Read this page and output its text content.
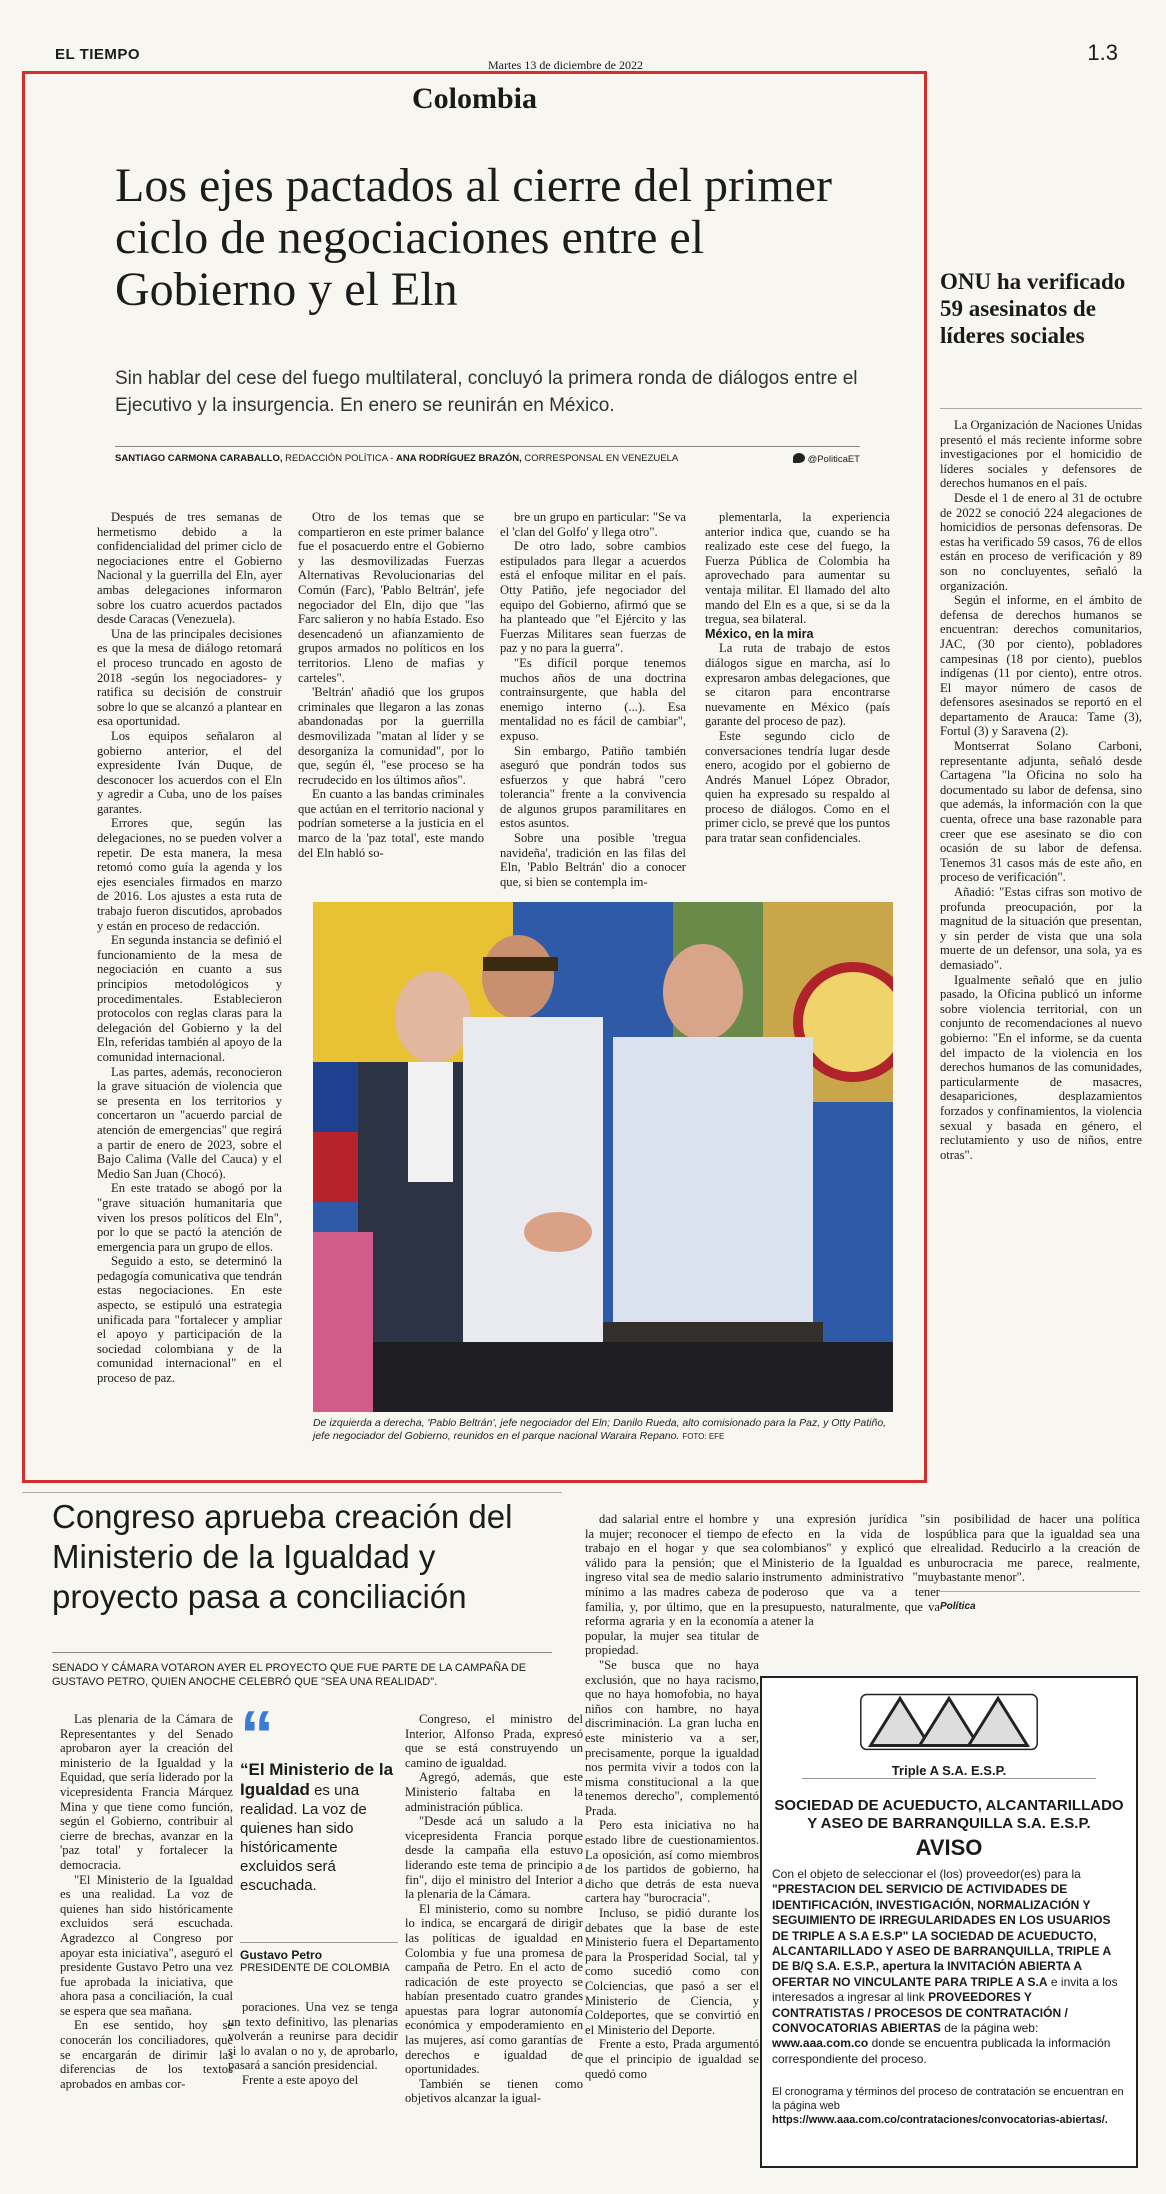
EL TIEMPO
Martes 13 de diciembre de 2022	1.3
Colombia
Los ejes pactados al cierre del primer ciclo de negociaciones entre el Gobierno y el Eln
Sin hablar del cese del fuego multilateral, concluyó la primera ronda de diálogos entre el Ejecutivo y la insurgencia. En enero se reunirán en México.
SANTIAGO CARMONA CARABALLO, REDACCIÓN POLÍTICA - ANA RODRÍGUEZ BRAZÓN, CORRESPONSAL EN VENEZUELA	@PoliticaET

Después de tres semanas de hermetismo debido a la confidencialidad del primer ciclo de negociaciones entre el Gobierno Nacional y la guerrilla del Eln, ayer ambas delegaciones informaron sobre los cuatro acuerdos pactados desde Caracas (Venezuela).

Una de las principales decisiones es que la mesa de diálogo retomará el proceso truncado en agosto de 2018 -según los negociadores- y ratifica su decisión de construir sobre lo que se alcanzó a plantear en esa oportunidad.

Los equipos señalaron al gobierno anterior, el del expresidente Iván Duque, de desconocer los acuerdos con el Eln y agredir a Cuba, uno de los países garantes.

Errores que, según las delegaciones, no se pueden volver a repetir. De esta manera, la mesa retomó como guía la agenda y los ejes esenciales firmados en marzo de 2016. Los ajustes a esta ruta de trabajo fueron discutidos, aprobados y están en proceso de redacción.

En segunda instancia se definió el funcionamiento de la mesa de negociación en cuanto a sus principios metodológicos y procedimentales. Establecieron protocolos con reglas claras para la delegación del Gobierno y la del Eln, referidas también al apoyo de la comunidad internacional.

Las partes, además, reconocieron la grave situación de violencia que se presenta en los territorios y concertaron un "acuerdo parcial de atención de emergencias" que regirá a partir de enero de 2023, sobre el Bajo Calima (Valle del Cauca) y el Medio San Juan (Chocó).

En este tratado se abogó por la "grave situación humanitaria que viven los presos políticos del Eln", por lo que se pactó la atención de emergencia para un grupo de ellos.

Seguido a esto, se determinó la pedagogía comunicativa que tendrán estas negociaciones. En este aspecto, se estipuló una estrategia unificada para "fortalecer y ampliar el apoyo y participación de la sociedad colombiana y de la comunidad internacional" en el proceso de paz.

Otro de los temas que se compartieron en este primer balance fue el posacuerdo entre el Gobierno y las desmovilizadas Fuerzas Alternativas Revolucionarias del Común (Farc), 'Pablo Beltrán', jefe negociador del Eln, dijo que "las Farc salieron y no había Estado. Eso desencadenó un afianzamiento de grupos armados no políticos en los territorios. Lleno de mafias y carteles".

'Beltrán' añadió que los grupos criminales que llegaron a las zonas abandonadas por la guerrilla desmovilizada "matan al líder y se desorganiza la comunidad", por lo que, según él, "ese proceso se ha recrudecido en los últimos años".

En cuanto a las bandas criminales que actúan en el territorio nacional y podrían someterse a la justicia en el marco de la 'paz total', este mando del Eln habló so-

bre un grupo en particular: "Se va el 'clan del Golfo' y llega otro".

De otro lado, sobre cambios estipulados para llegar a acuerdos está el enfoque militar en el país. Otty Patiño, jefe negociador del equipo del Gobierno, afirmó que se ha planteado que "el Ejército y las Fuerzas Militares sean fuerzas de paz y no para la guerra".

"Es difícil porque tenemos muchos años de una doctrina contrainsurgente, que habla del enemigo interno (...). Esa mentalidad no es fácil de cambiar", expuso.

Sin embargo, Patiño también aseguró que pondrán todos sus esfuerzos y que habrá "cero tolerancia" frente a la convivencia de algunos grupos paramilitares en estos asuntos.

Sobre una posible 'tregua navideña', tradición en las filas del Eln, 'Pablo Beltrán' dio a conocer que, si bien se contempla im-

plementarla, la experiencia anterior indica que, cuando se ha realizado este cese del fuego, la Fuerza Pública de Colombia ha aprovechado para aumentar su ventaja militar. El llamado del alto mando del Eln es a que, si se da la tregua, sea bilateral.

México, en la mira

La ruta de trabajo de estos diálogos sigue en marcha, así lo expresaron ambas delegaciones, que se citaron para encontrarse nuevamente en México (país garante del proceso de paz).

Este segundo ciclo de conversaciones tendría lugar desde enero, acogido por el gobierno de Andrés Manuel López Obrador, quien ha expresado su respaldo al proceso de diálogos. Como en el primer ciclo, se prevé que los puntos para tratar sean confidenciales.

De izquierda a derecha, 'Pablo Beltrán', jefe negociador del Eln; Danilo Rueda, alto comisionado para la Paz, y Otty Patiño, jefe negociador del Gobierno, reunidos en el parque nacional Waraira Repano. FOTO: EFE
ONU ha verificado 59 asesinatos de líderes sociales

La Organización de Naciones Unidas presentó el más reciente informe sobre investigaciones por el homicidio de líderes sociales y defensores de derechos humanos en el país.

Desde el 1 de enero al 31 de octubre de 2022 se conoció 224 alegaciones de homicidios de personas defensoras. De estas ha verificado 59 casos, 76 de ellos están en proceso de verificación y 89 son no concluyentes, señaló la organización.

Según el informe, en el ámbito de defensa de derechos humanos se encuentran: derechos comunitarios, JAC, (30 por ciento), pobladores campesinas (18 por ciento), pueblos indígenas (11 por ciento), entre otros. El mayor número de casos de defensores asesinados se reportó en el departamento de Arauca: Tame (3), Fortul (3) y Saravena (2).

Montserrat Solano Carboni, representante adjunta, señaló desde Cartagena "la Oficina no solo ha documentado su labor de defensa, sino que además, la información con la que cuenta, ofrece una base razonable para creer que ese asesinato se dio con ocasión de su labor de defensa. Tenemos 31 casos más de este año, en proceso de verificación".

Añadió: "Estas cifras son motivo de profunda preocupación, por la magnitud de la situación que presentan, y sin perder de vista que una sola muerte de un defensor, una sola, ya es demasiado".

Igualmente señaló que en julio pasado, la Oficina publicó un informe sobre violencia territorial, con un conjunto de recomendaciones al nuevo gobierno: "En el informe, se da cuenta del impacto de la violencia en los derechos humanos de las comunidades, particularmente de masacres, desapariciones, desplazamientos forzados y confinamientos, la violencia sexual y basada en género, el reclutamiento y uso de niños, entre otras".

Congreso aprueba creación del Ministerio de la Igualdad y proyecto pasa a conciliación
SENADO Y CÁMARA VOTARON AYER EL PROYECTO QUE FUE PARTE DE LA CAMPAÑA DE GUSTAVO PETRO, QUIEN ANOCHE CELEBRÓ QUE "SEA UNA REALIDAD".

Las plenaria de la Cámara de Representantes y del Senado aprobaron ayer la creación del ministerio de la Igualdad y la Equidad, que sería liderado por la vicepresidenta Francia Márquez Mina y que tiene como función, según el Gobierno, contribuir al cierre de brechas, avanzar en la 'paz total' y fortalecer la democracia.

"El Ministerio de la Igualdad es una realidad. La voz de quienes han sido históricamente excluidos será escuchada. Agradezco al Congreso por apoyar esta iniciativa", aseguró el presidente Gustavo Petro una vez fue aprobada la iniciativa, que ahora pasa a conciliación, la cual se espera que sea mañana.

En ese sentido, hoy se conocerán los conciliadores, que se encargarán de dirimir las diferencias de los textos aprobados en ambas cor-

“
“El Ministerio de la Igualdad es una realidad. La voz de quienes han sido históricamente excluidos será escuchada.
Gustavo Petro
PRESIDENTE DE COLOMBIA

poraciones. Una vez se tenga un texto definitivo, las plenarias volverán a reunirse para decidir si lo avalan o no y, de aprobarlo, pasará a sanción presidencial.

Frente a este apoyo del

Congreso, el ministro del Interior, Alfonso Prada, expresó que se está construyendo un camino de igualdad.

Agregó, además, que este Ministerio faltaba en la administración pública.

"Desde acá un saludo a la vicepresidenta Francia porque desde la campaña ella estuvo liderando este tema de principio a fin", dijo el ministro del Interior a la plenaria de la Cámara.

El ministerio, como su nombre lo indica, se encargará de dirigir las políticas de igualdad en Colombia y fue una promesa de campaña de Petro. En el acto de radicación de este proyecto se habían presentado cuatro grandes apuestas para lograr autonomía económica y empoderamiento en las mujeres, así como garantías de derechos e igualdad de oportunidades.

También se tienen como objetivos alcanzar la igual-

dad salarial entre el hombre y la mujer; reconocer el tiempo de trabajo en el hogar y que sea válido para la pensión; que el ingreso vital sea de medio salario mínimo a las madres cabeza de familia, y, por último, que en la reforma agraria y en la economía popular, la mujer sea titular de propiedad.

"Se busca que no haya exclusión, que no haya racismo, que no haya homofobia, no haya niños con hambre, no haya discriminación. La gran lucha en este ministerio va a ser, precisamente, porque la igualdad nos permita vivir a todos con la misma constitucional a la que tenemos derecho", complementó Prada.

Pero esta iniciativa no ha estado libre de cuestionamientos. La oposición, así como miembros de los partidos de gobierno, ha dicho que detrás de esta nueva cartera hay "burocracia".

Incluso, se pidió durante los debates que la base de este Ministerio fuera el Departamento para la Prosperidad Social, tal y como sucedió como con Colciencias, que pasó a ser el Ministerio de Ciencia, y Coldeportes, que se convirtió en el Ministerio del Deporte.

Frente a esto, Prada argumentó que el principio de igualdad se quedó como

una expresión jurídica "sin efecto en la vida de los colombianos" y explicó que el Ministerio de la Igualdad es un instrumento administrativo "muy poderoso que va a tener presupuesto, naturalmente, que va a atener la

posibilidad de hacer una política pública para que la igualdad sea una realidad. Reducirlo a la creación de burocracia me parece, realmente, bastante menor".

Política
Triple A S.A. E.S.P.
SOCIEDAD DE ACUEDUCTO, ALCANTARILLADO Y ASEO DE BARRANQUILLA S.A. E.S.P.
AVISO
Con el objeto de seleccionar el (los) proveedor(es) para la "PRESTACION DEL SERVICIO DE ACTIVIDADES DE IDENTIFICACIÓN, INVESTIGACIÓN, NORMALIZACIÓN Y SEGUIMIENTO DE IRREGULARIDADES EN LOS USUARIOS DE TRIPLE A S.A E.S.P" LA SOCIEDAD DE ACUEDUCTO, ALCANTARILLADO Y ASEO DE BARRANQUILLA, TRIPLE A DE B/Q S.A. E.S.P., apertura la INVITACIÓN ABIERTA A OFERTAR NO VINCULANTE PARA TRIPLE A S.A e invita a los interesados a ingresar al link PROVEEDORES Y CONTRATISTAS / PROCESOS DE CONTRATACIÓN / CONVOCATORIAS ABIERTAS de la página web: www.aaa.com.co donde se encuentra publicada la información correspondiente del proceso.
El cronograma y términos del proceso de contratación se encuentran en la página web https://www.aaa.com.co/contrataciones/convocatorias-abiertas/.
